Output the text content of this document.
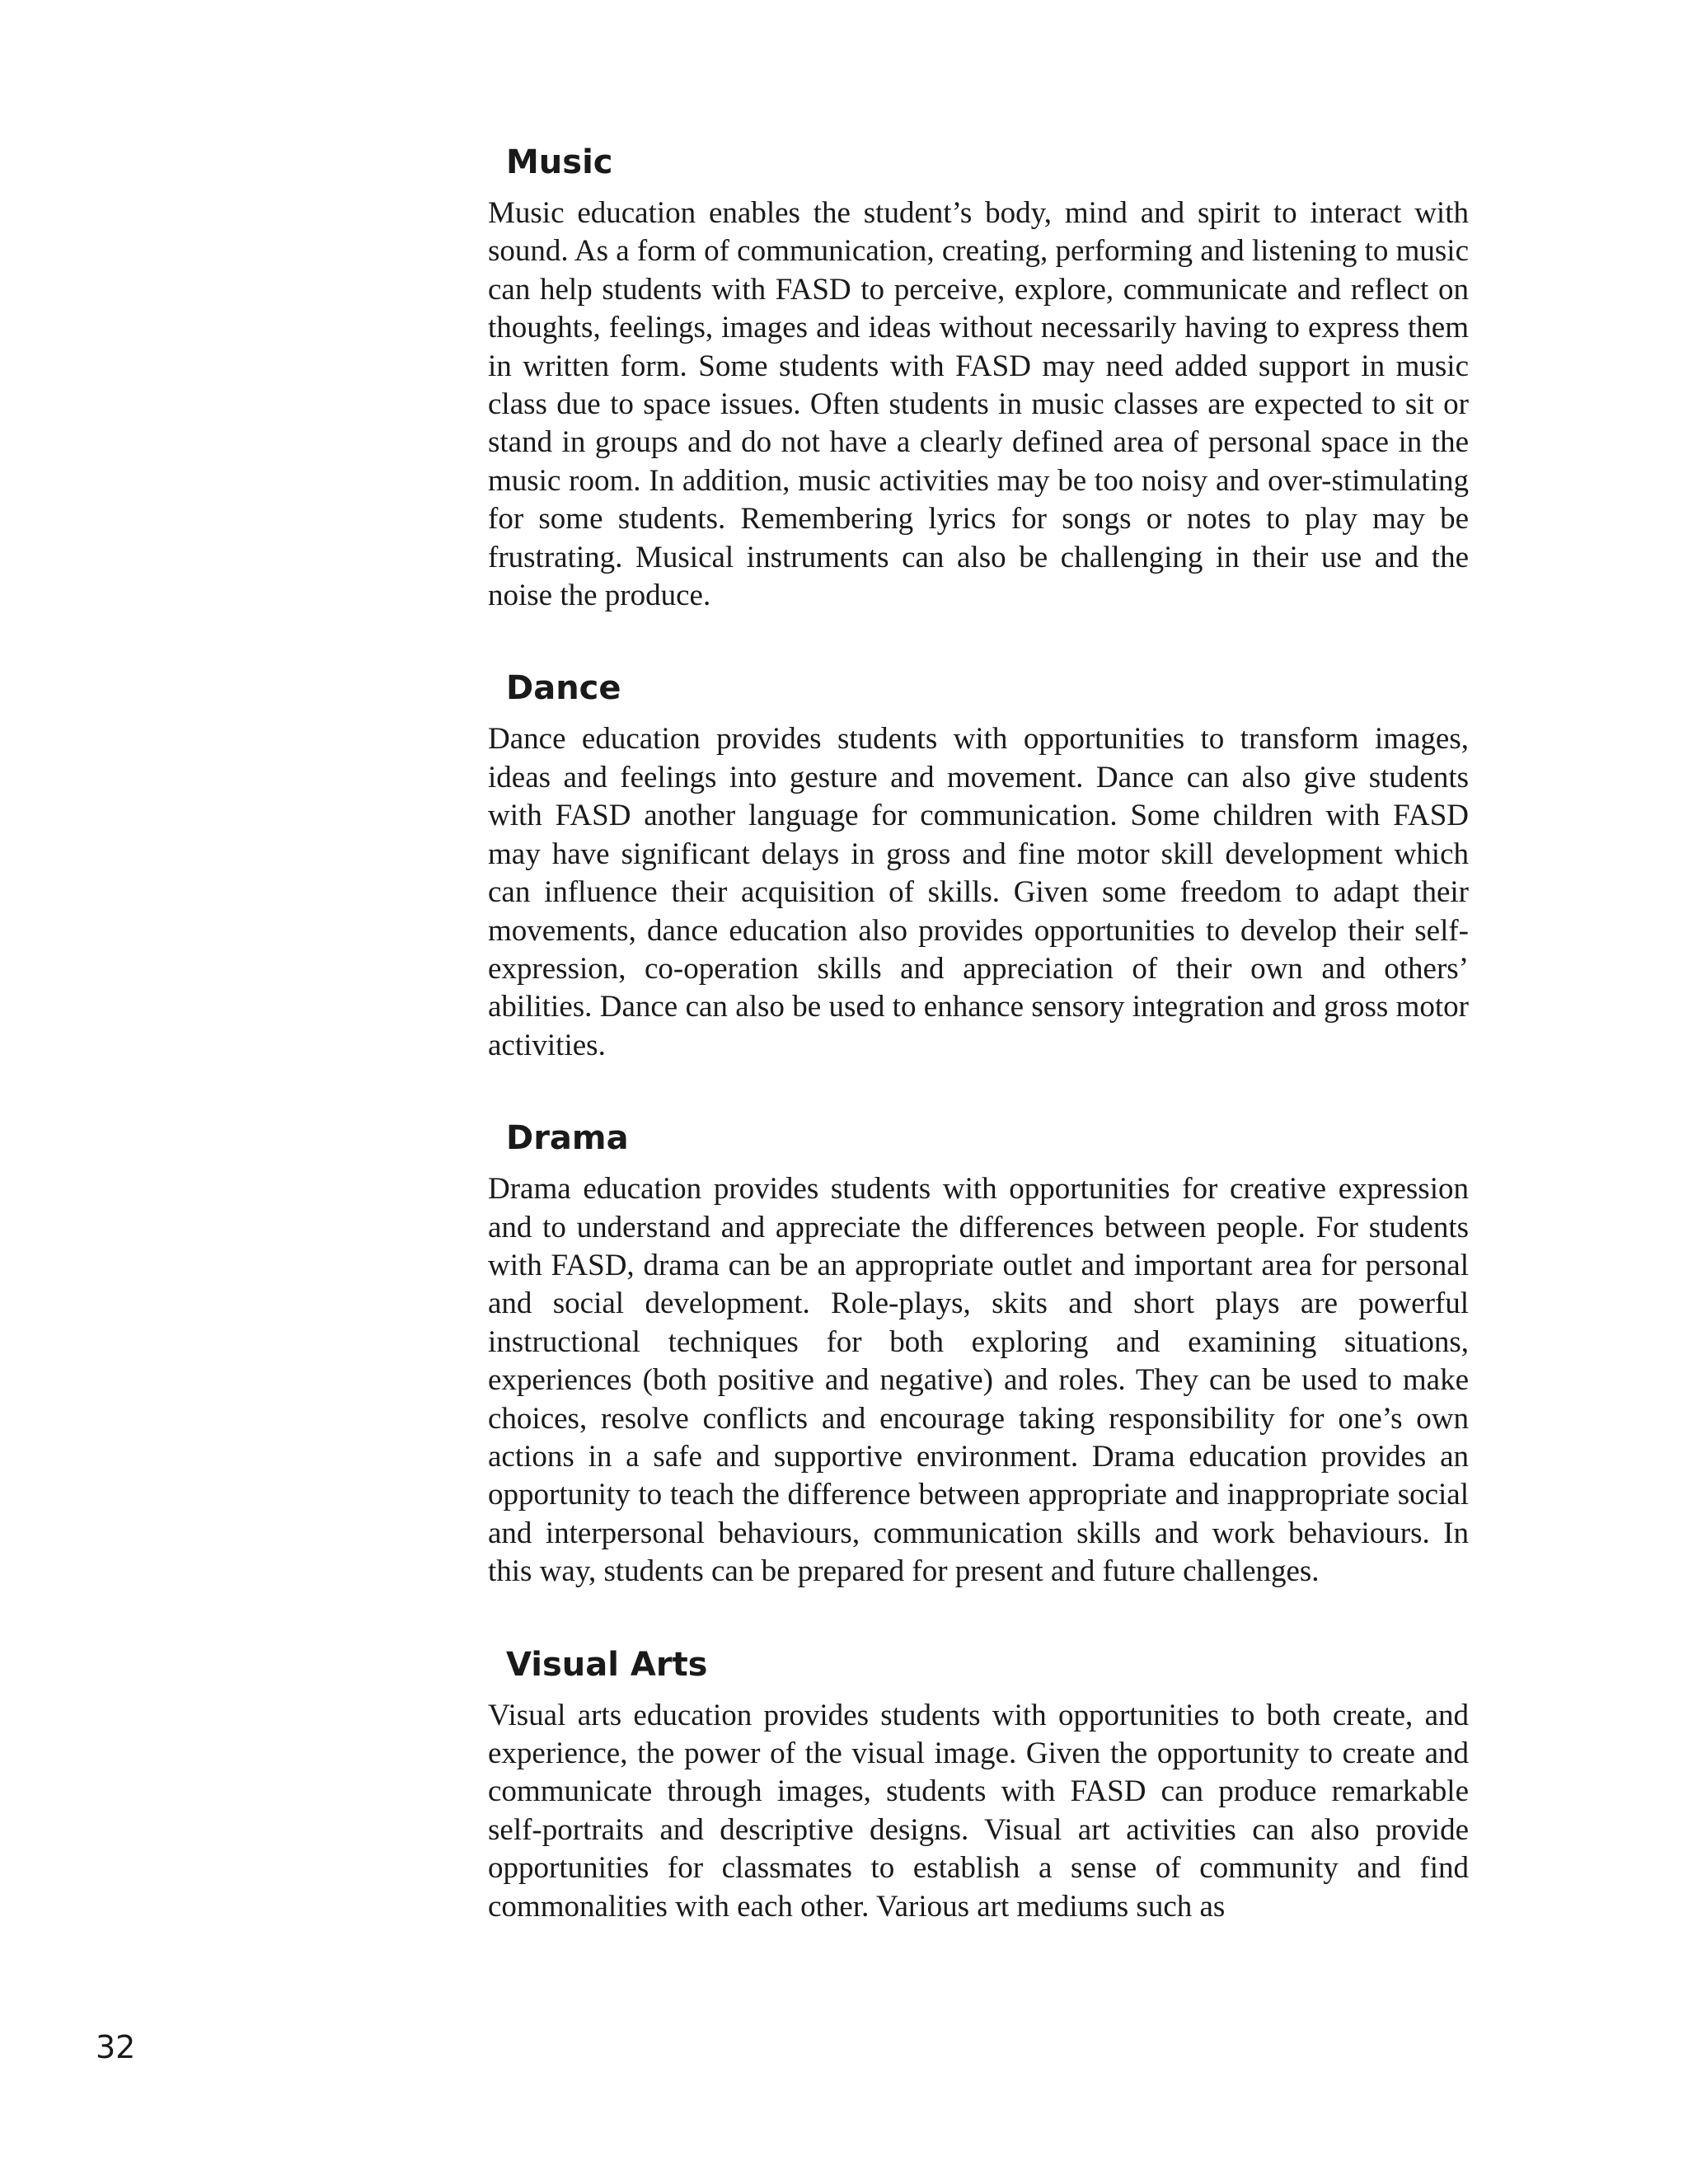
Music

Music education enables the student’s body, mind and spirit to interact with sound. As a form of communication, creating, performing and listening to music can help students with FASD to perceive, explore, communicate and reflect on thoughts, feelings, images and ideas without necessarily having to express them in written form. Some students with FASD may need added support in music class due to space issues. Often students in music classes are expected to sit or stand in groups and do not have a clearly defined area of personal space in the music room. In addition, music activities may be too noisy and over-stimulating for some students. Remembering lyrics for songs or notes to play may be frustrating. Musical instruments can also be challenging in their use and the noise the produce.

Dance

Dance education provides students with opportunities to transform images, ideas and feelings into gesture and movement. Dance can also give students with FASD another language for communication. Some children with FASD may have significant delays in gross and fine motor skill development which can influence their acquisition of skills. Given some freedom to adapt their movements, dance education also provides opportunities to develop their self-expression, co-operation skills and appreciation of their own and others’ abilities. Dance can also be used to enhance sensory integration and gross motor activities.

Drama

Drama education provides students with opportunities for creative expression and to understand and appreciate the differences between people. For students with FASD, drama can be an appropriate outlet and important area for personal and social development. Role-plays, skits and short plays are powerful instructional techniques for both exploring and examining situations, experiences (both positive and negative) and roles. They can be used to make choices, resolve conflicts and encourage taking responsibility for one’s own actions in a safe and supportive environment. Drama education provides an opportunity to teach the difference between appropriate and inappropriate social and interpersonal behaviours, communication skills and work behaviours. In this way, students can be prepared for present and future challenges.

Visual Arts

Visual arts education provides students with opportunities to both create, and experience, the power of the visual image. Given the opportunity to create and communicate through images, students with FASD can produce remarkable self-portraits and descriptive designs. Visual art activities can also provide opportunities for classmates to establish a sense of community and find commonalities with each other. Various art mediums such as

32
